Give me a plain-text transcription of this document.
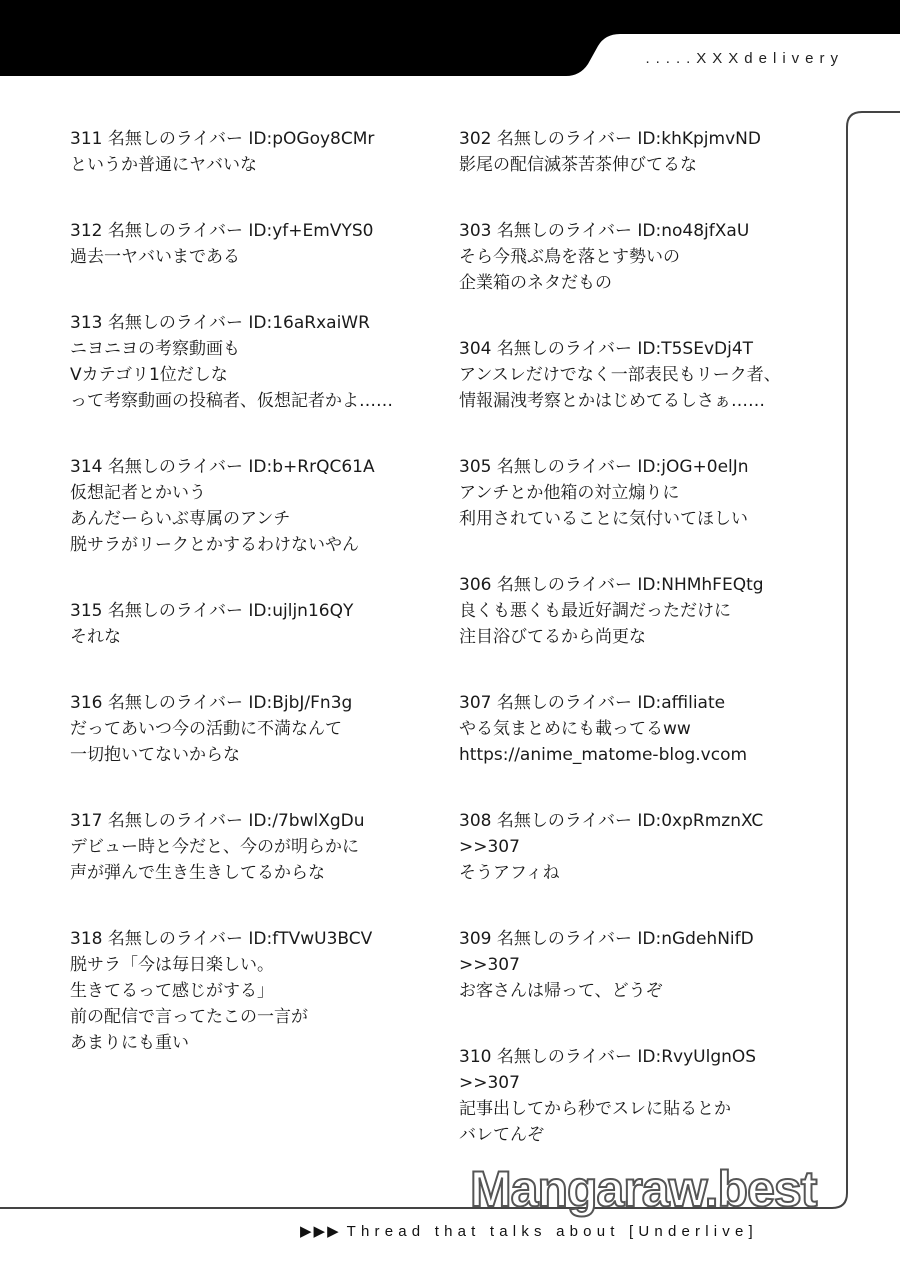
.....XXXdelivery
311 名無しのライバー ID:pOGoy8CMr
というか普通にヤバいな
312 名無しのライバー ID:yf+EmVYS0
過去一ヤバいまである
313 名無しのライバー ID:16aRxaiWR
ニヨニヨの考察動画も
Vカテゴリ1位だしな
って考察動画の投稿者、仮想記者かよ……
314 名無しのライバー ID:b+RrQC61A
仮想記者とかいう
あんだーらいぶ専属のアンチ
脱サラがリークとかするわけないやん
315 名無しのライバー ID:ujljn16QY
それな
316 名無しのライバー ID:BjbJ/Fn3g
だってあいつ今の活動に不満なんて
一切抱いてないからな
317 名無しのライバー ID:/7bwlXgDu
デビュー時と今だと、今のが明らかに
声が弾んで生き生きしてるからな
318 名無しのライバー ID:fTVwU3BCV
脱サラ「今は毎日楽しい。
生きてるって感じがする」
前の配信で言ってたこの一言が
あまりにも重い
302 名無しのライバー ID:khKpjmvND
影尾の配信滅茶苦茶伸びてるな
303 名無しのライバー ID:no48jfXaU
そら今飛ぶ鳥を落とす勢いの
企業箱のネタだもの
304 名無しのライバー ID:T5SEvDj4T
アンスレだけでなく一部表民もリーク者、
情報漏洩考察とかはじめてるしさぁ……
305 名無しのライバー ID:jOG+0elJn
アンチとか他箱の対立煽りに
利用されていることに気付いてほしい
306 名無しのライバー ID:NHMhFEQtg
良くも悪くも最近好調だっただけに
注目浴びてるから尚更な
307 名無しのライバー ID:affiliate
やる気まとめにも載ってるww
https://anime_matome-blog.vcom
308 名無しのライバー ID:0xpRmznXC
>>307
そうアフィね
309 名無しのライバー ID:nGdehNifD
>>307
お客さんは帰って、どうぞ
310 名無しのライバー ID:RvyUlgnOS
>>307
記事出してから秒でスレに貼るとか
バレてんぞ
Mangaraw.best
▶▶▶ Thread that talks about [Underlive]
